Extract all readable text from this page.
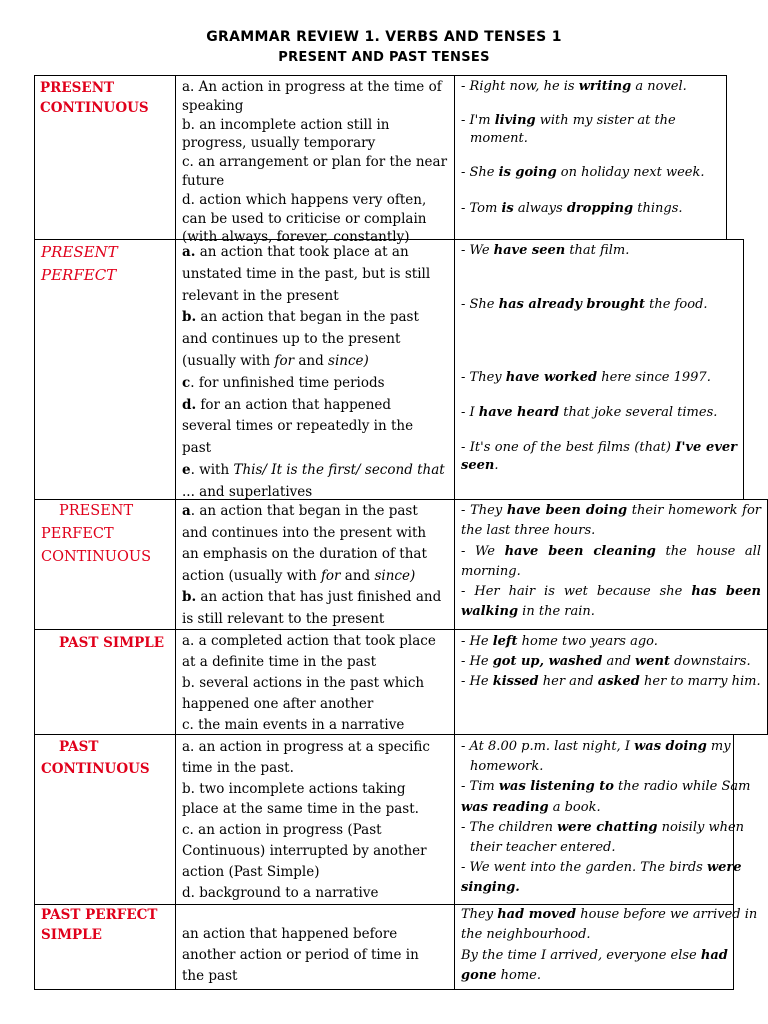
GRAMMAR REVIEW 1. VERBS AND TENSES 1
PRESENT AND PAST TENSES
PRESENT
CONTINUOUS
a. An action in progress at the time of
speaking
b. an incomplete action still in
progress, usually temporary
c. an arrangement or plan for the near
future
d. action which happens very often,
can be used to criticise or complain
(with always, forever, constantly)
- Right now, he is writing a novel.
- I'm living with my sister at the
moment.
- She is going on holiday next week.
- Tom is always dropping things.
PRESENT
PERFECT
a. an action that took place at an
unstated time in the past, but is still
relevant in the present
b. an action that began in the past
and continues up to the present
(usually with for and since)
c. for unfinished time periods
d. for an action that happened
several times or repeatedly in the
past
e. with This/ It is the first/ second that
... and superlatives
- We have seen that film.
- She has already brought the food.
- They have worked here since 1997.
- I have heard that joke several times.
- It's one of the best films (that) I've ever
seen.
PRESENT
PERFECT
CONTINUOUS
a. an action that began in the past
and continues into the present with
an emphasis on the duration of that
action (usually with for and since)
b. an action that has just finished and
is still relevant to the present
- They have been doing their homework for
the last three hours.
- We have been cleaning the house all
morning.
- Her hair is wet because she has been
walking in the rain.
PAST SIMPLE	a. a completed action that took place
at a definite time in the past
b. several actions in the past which
happened one after another
c. the main events in a narrative
- He left home two years ago.
- He got up, washed and went downstairs.
- He kissed her and asked her to marry him.
PAST
CONTINUOUS
a. an action in progress at a specific
time in the past.
b. two incomplete actions taking
place at the same time in the past.
c. an action in progress (Past
Continuous) interrupted by another
action (Past Simple)
d. background to a narrative
- At 8.00 p.m. last night, I was doing my
homework.
- Tim was listening to the radio while Sam
was reading a book.
- The children were chatting noisily when
their teacher entered.
- We went into the garden. The birds were
singing.
PAST PERFECT
SIMPLE	an action that happened before
another action or period of time in
the past
They had moved house before we arrived in
the neighbourhood.
By the time I arrived, everyone else had
gone home.
